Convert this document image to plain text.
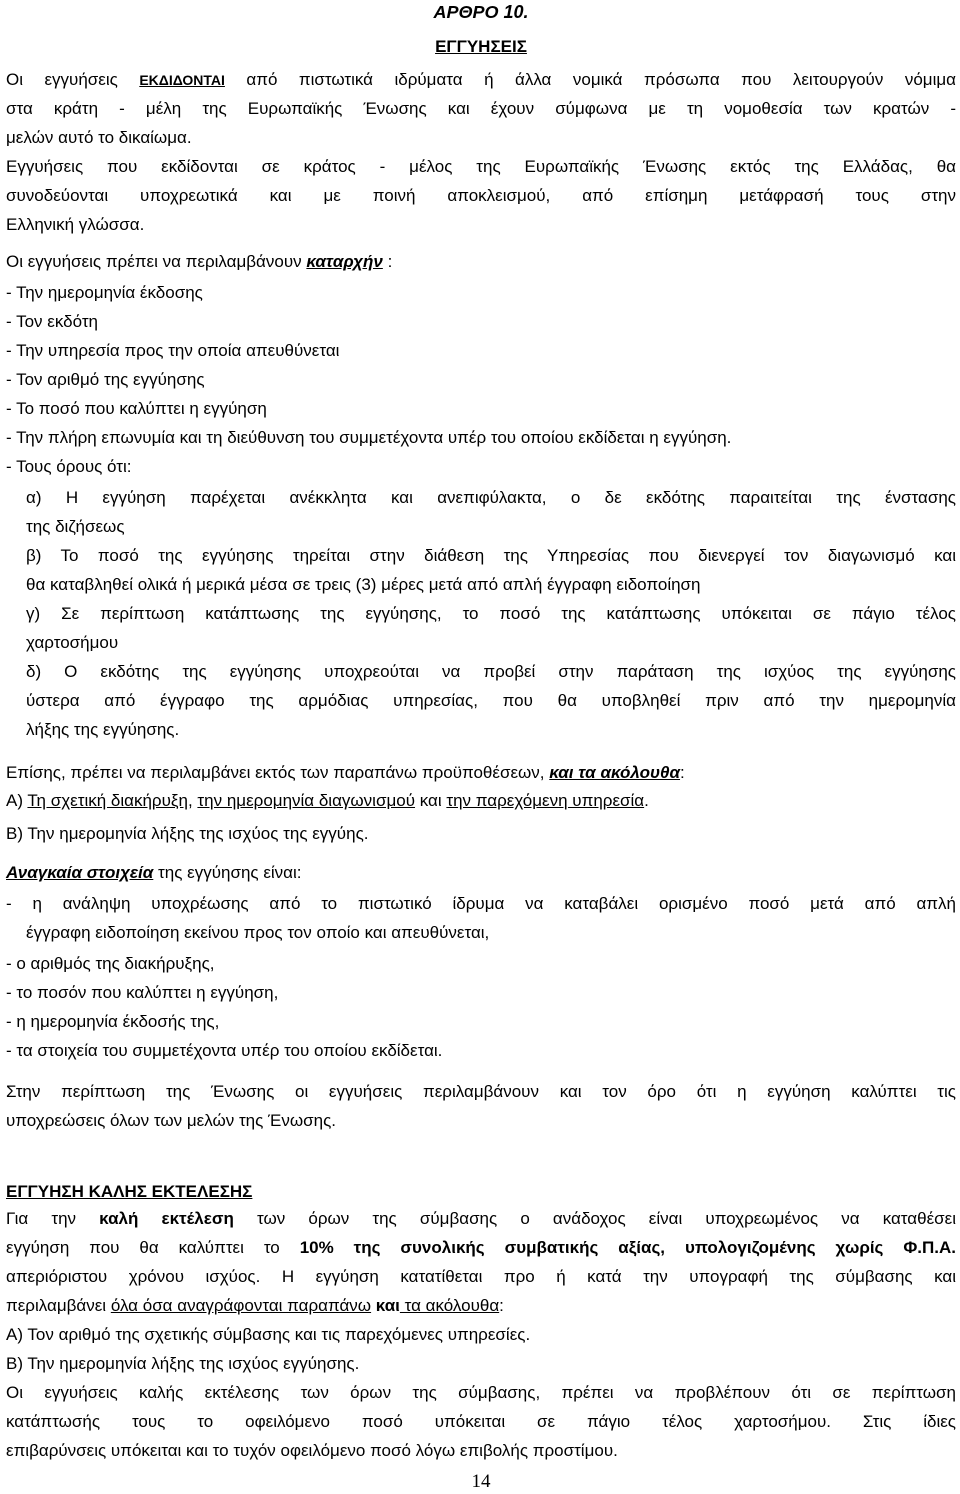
ΑΡΘΡΟ 10.
ΕΓΓΥΗΣΕΙΣ
Οι εγγυήσεις ΕΚΔΙΔΟΝΤΑΙ από πιστωτικά ιδρύματα ή άλλα νομικά πρόσωπα που λειτουργούν νόμιμα
στα κράτη - μέλη της Ευρωπαϊκής Ένωσης και έχουν σύμφωνα με τη νομοθεσία των κρατών -
μελών αυτό το δικαίωμα.
Εγγυήσεις που εκδίδονται σε κράτος - μέλος της Ευρωπαϊκής Ένωσης εκτός της Ελλάδας, θα
συνοδεύονται υποχρεωτικά και με ποινή αποκλεισμού, από επίσημη μετάφρασή τους στην
Ελληνική γλώσσα.
Οι εγγυήσεις πρέπει να περιλαμβάνουν καταρχήν :
- Την ημερομηνία έκδοσης
- Τον εκδότη
- Την υπηρεσία προς την οποία απευθύνεται
- Τον αριθμό της εγγύησης
- Το ποσό που καλύπτει η εγγύηση
- Την πλήρη επωνυμία και τη διεύθυνση του συμμετέχοντα υπέρ του οποίου εκδίδεται η εγγύηση.
- Τους όρους ότι:
α) Η εγγύηση παρέχεται ανέκκλητα και ανεπιφύλακτα, ο δε εκδότης παραιτείται της ένστασης
της διζήσεως
β) Το ποσό της εγγύησης τηρείται στην διάθεση της Υπηρεσίας που διενεργεί τον διαγωνισμό και
θα καταβληθεί ολικά ή μερικά μέσα σε τρεις (3) μέρες μετά από απλή έγγραφη ειδοποίηση
γ) Σε περίπτωση κατάπτωσης της εγγύησης, το ποσό της κατάπτωσης υπόκειται σε πάγιο τέλος
χαρτοσήμου
δ) Ο εκδότης της εγγύησης υποχρεούται να προβεί στην παράταση της ισχύος της εγγύησης
ύστερα από έγγραφο της αρμόδιας υπηρεσίας, που θα υποβληθεί πριν από την ημερομηνία
λήξης της εγγύησης.
Επίσης, πρέπει να περιλαμβάνει εκτός των παραπάνω προϋποθέσεων, και τα ακόλουθα:
Α) Τη σχετική διακήρυξη, την ημερομηνία διαγωνισμού και την παρεχόμενη υπηρεσία.
Β) Την ημερομηνία λήξης της ισχύος της εγγύης.
Αναγκαία στοιχεία της εγγύησης είναι:
- η ανάληψη υποχρέωσης από το πιστωτικό ίδρυμα να καταβάλει ορισμένο ποσό μετά από απλή
έγγραφη ειδοποίηση εκείνου προς τον οποίο και απευθύνεται,
- ο αριθμός της διακήρυξης,
- το ποσόν που καλύπτει η εγγύηση,
- η ημερομηνία έκδοσής της,
- τα στοιχεία του συμμετέχοντα υπέρ του οποίου εκδίδεται.
Στην περίπτωση της Ένωσης οι εγγυήσεις περιλαμβάνουν και τον όρο ότι η εγγύηση καλύπτει τις
υποχρεώσεις όλων των μελών της Ένωσης.
ΕΓΓΥΗΣΗ ΚΑΛΗΣ ΕΚΤΕΛΕΣΗΣ
Για την καλή εκτέλεση των όρων της σύμβασης ο ανάδοχος είναι υποχρεωμένος να καταθέσει
εγγύηση που θα καλύπτει το 10% της συνολικής συμβατικής αξίας, υπολογιζομένης χωρίς Φ.Π.Α.
απεριόριστου χρόνου ισχύος. Η εγγύηση κατατίθεται προ ή κατά την υπογραφή της σύμβασης και
περιλαμβάνει όλα όσα αναγράφονται παραπάνω και τα ακόλουθα:
Α) Τον αριθμό της σχετικής σύμβασης και τις παρεχόμενες υπηρεσίες.
Β) Την ημερομηνία λήξης της ισχύος εγγύησης.
Οι εγγυήσεις καλής εκτέλεσης των όρων της σύμβασης, πρέπει να προβλέπουν ότι σε περίπτωση
κατάπτωσής τους το οφειλόμενο ποσό υπόκειται σε πάγιο τέλος χαρτοσήμου. Στις ίδιες
επιβαρύνσεις υπόκειται και το τυχόν οφειλόμενο ποσό λόγω επιβολής προστίμου.
14
